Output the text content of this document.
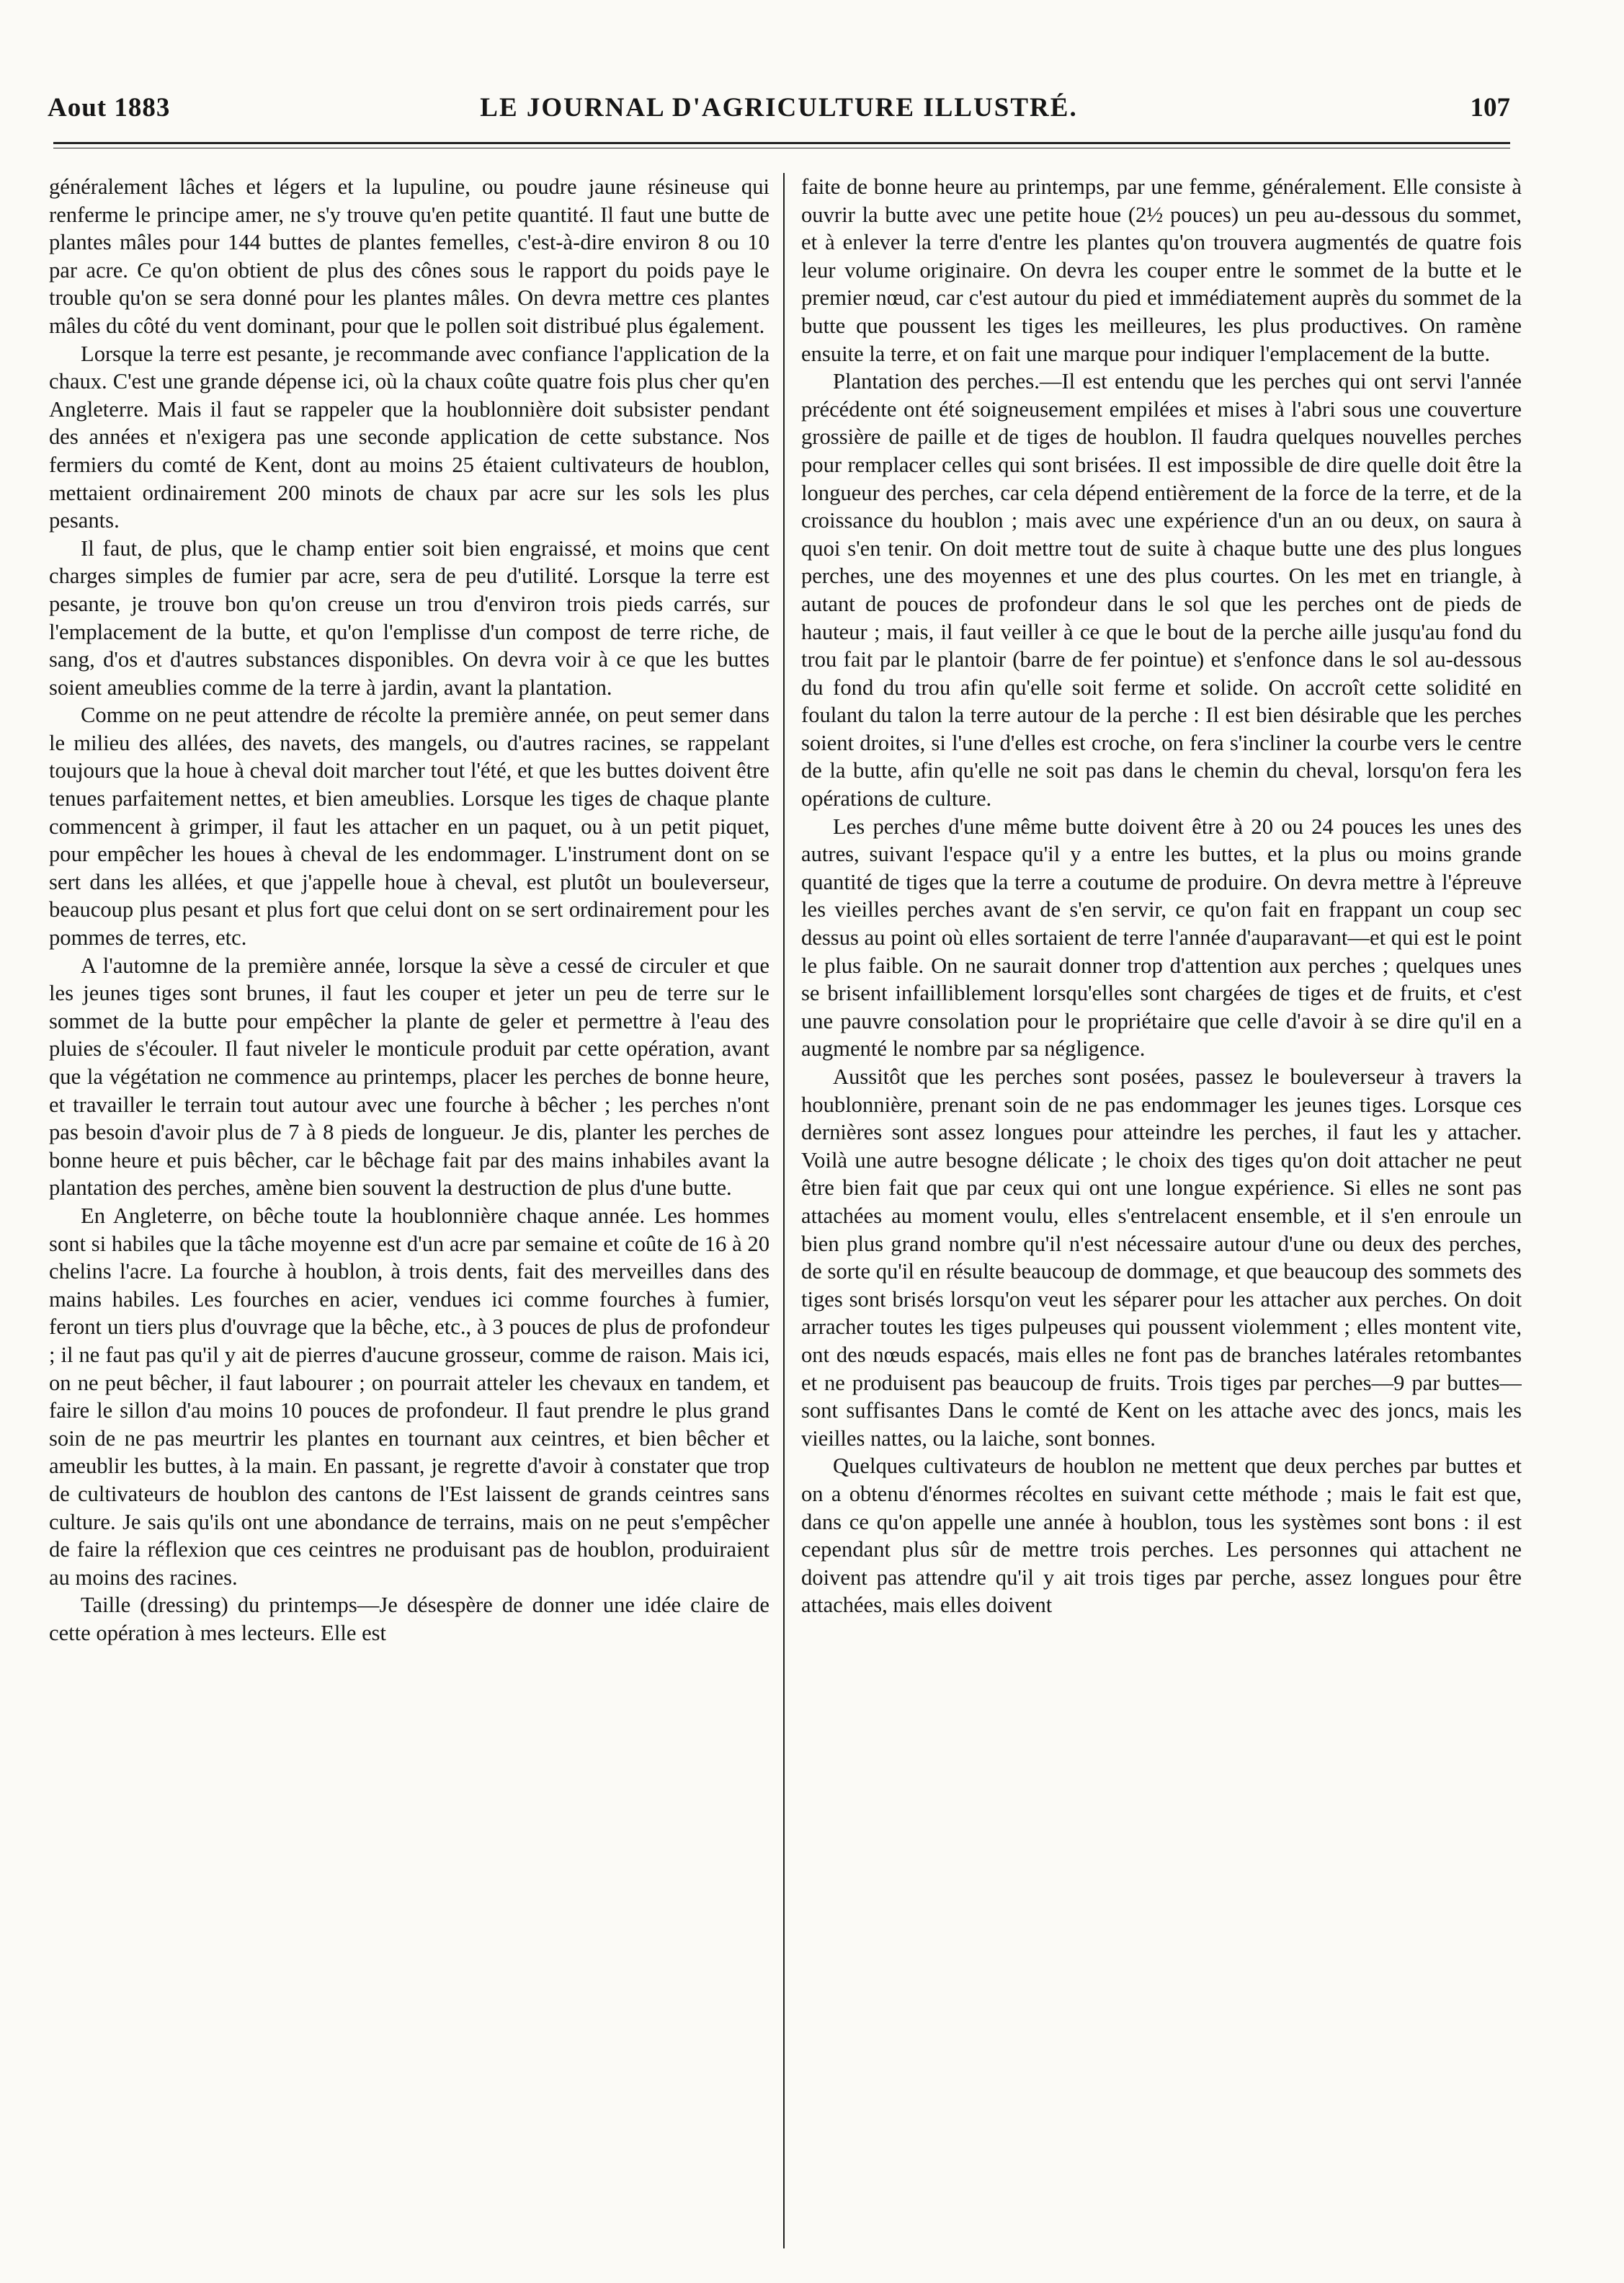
Aout 1883	LE JOURNAL D'AGRICULTURE ILLUSTRÉ.	107

généralement lâches et légers et la lupuline, ou poudre jaune résineuse qui renferme le principe amer, ne s'y trouve qu'en petite quantité. Il faut une butte de plantes mâles pour 144 buttes de plantes femelles, c'est-à-dire environ 8 ou 10 par acre. Ce qu'on obtient de plus des cônes sous le rapport du poids paye le trouble qu'on se sera donné pour les plantes mâles. On devra mettre ces plantes mâles du côté du vent dominant, pour que le pollen soit distribué plus également.

Lorsque la terre est pesante, je recommande avec confiance l'application de la chaux. C'est une grande dépense ici, où la chaux coûte quatre fois plus cher qu'en Angleterre. Mais il faut se rappeler que la houblonnière doit subsister pendant des années et n'exigera pas une seconde application de cette substance. Nos fermiers du comté de Kent, dont au moins 25 étaient cultivateurs de houblon, mettaient ordinairement 200 minots de chaux par acre sur les sols les plus pesants.

Il faut, de plus, que le champ entier soit bien engraissé, et moins que cent charges simples de fumier par acre, sera de peu d'utilité. Lorsque la terre est pesante, je trouve bon qu'on creuse un trou d'environ trois pieds carrés, sur l'emplacement de la butte, et qu'on l'emplisse d'un compost de terre riche, de sang, d'os et d'autres substances disponibles. On devra voir à ce que les buttes soient ameublies comme de la terre à jardin, avant la plantation.

Comme on ne peut attendre de récolte la première année, on peut semer dans le milieu des allées, des navets, des mangels, ou d'autres racines, se rappelant toujours que la houe à cheval doit marcher tout l'été, et que les buttes doivent être tenues parfaitement nettes, et bien ameublies. Lorsque les tiges de chaque plante commencent à grimper, il faut les attacher en un paquet, ou à un petit piquet, pour empêcher les houes à cheval de les endommager. L'instrument dont on se sert dans les allées, et que j'appelle houe à cheval, est plutôt un bouleverseur, beaucoup plus pesant et plus fort que celui dont on se sert ordinairement pour les pommes de terres, etc.

A l'automne de la première année, lorsque la sève a cessé de circuler et que les jeunes tiges sont brunes, il faut les couper et jeter un peu de terre sur le sommet de la butte pour empêcher la plante de geler et permettre à l'eau des pluies de s'écouler. Il faut niveler le monticule produit par cette opération, avant que la végétation ne commence au printemps, placer les perches de bonne heure, et travailler le terrain tout autour avec une fourche à bêcher ; les perches n'ont pas besoin d'avoir plus de 7 à 8 pieds de longueur. Je dis, planter les perches de bonne heure et puis bêcher, car le bêchage fait par des mains inhabiles avant la plantation des perches, amène bien souvent la destruction de plus d'une butte.

En Angleterre, on bêche toute la houblonnière chaque année. Les hommes sont si habiles que la tâche moyenne est d'un acre par semaine et coûte de 16 à 20 chelins l'acre. La fourche à houblon, à trois dents, fait des merveilles dans des mains habiles. Les fourches en acier, vendues ici comme fourches à fumier, feront un tiers plus d'ouvrage que la bêche, etc., à 3 pouces de plus de profondeur ; il ne faut pas qu'il y ait de pierres d'aucune grosseur, comme de raison. Mais ici, on ne peut bêcher, il faut labourer ; on pourrait atteler les chevaux en tandem, et faire le sillon d'au moins 10 pouces de profondeur. Il faut prendre le plus grand soin de ne pas meurtrir les plantes en tournant aux ceintres, et bien bêcher et ameublir les buttes, à la main. En passant, je regrette d'avoir à constater que trop de cultivateurs de houblon des cantons de l'Est laissent de grands ceintres sans culture. Je sais qu'ils ont une abondance de terrains, mais on ne peut s'empêcher de faire la réflexion que ces ceintres ne produisant pas de houblon, produiraient au moins des racines.

Taille (dressing) du printemps—Je désespère de donner une idée claire de cette opération à mes lecteurs. Elle est

faite de bonne heure au printemps, par une femme, généralement. Elle consiste à ouvrir la butte avec une petite houe (2½ pouces) un peu au-dessous du sommet, et à enlever la terre d'entre les plantes qu'on trouvera augmentés de quatre fois leur volume originaire. On devra les couper entre le sommet de la butte et le premier nœud, car c'est autour du pied et immédiatement auprès du sommet de la butte que poussent les tiges les meilleures, les plus productives. On ramène ensuite la terre, et on fait une marque pour indiquer l'emplacement de la butte.

Plantation des perches.—Il est entendu que les perches qui ont servi l'année précédente ont été soigneusement empilées et mises à l'abri sous une couverture grossière de paille et de tiges de houblon. Il faudra quelques nouvelles perches pour remplacer celles qui sont brisées. Il est impossible de dire quelle doit être la longueur des perches, car cela dépend entièrement de la force de la terre, et de la croissance du houblon ; mais avec une expérience d'un an ou deux, on saura à quoi s'en tenir. On doit mettre tout de suite à chaque butte une des plus longues perches, une des moyennes et une des plus courtes. On les met en triangle, à autant de pouces de profondeur dans le sol que les perches ont de pieds de hauteur ; mais, il faut veiller à ce que le bout de la perche aille jusqu'au fond du trou fait par le plantoir (barre de fer pointue) et s'enfonce dans le sol au-dessous du fond du trou afin qu'elle soit ferme et solide. On accroît cette solidité en foulant du talon la terre autour de la perche : Il est bien désirable que les perches soient droites, si l'une d'elles est croche, on fera s'incliner la courbe vers le centre de la butte, afin qu'elle ne soit pas dans le chemin du cheval, lorsqu'on fera les opérations de culture.

Les perches d'une même butte doivent être à 20 ou 24 pouces les unes des autres, suivant l'espace qu'il y a entre les buttes, et la plus ou moins grande quantité de tiges que la terre a coutume de produire. On devra mettre à l'épreuve les vieilles perches avant de s'en servir, ce qu'on fait en frappant un coup sec dessus au point où elles sortaient de terre l'année d'auparavant—et qui est le point le plus faible. On ne saurait donner trop d'attention aux perches ; quelques unes se brisent infailliblement lorsqu'elles sont chargées de tiges et de fruits, et c'est une pauvre consolation pour le propriétaire que celle d'avoir à se dire qu'il en a augmenté le nombre par sa négligence.

Aussitôt que les perches sont posées, passez le bouleverseur à travers la houblonnière, prenant soin de ne pas endommager les jeunes tiges. Lorsque ces dernières sont assez longues pour atteindre les perches, il faut les y attacher. Voilà une autre besogne délicate ; le choix des tiges qu'on doit attacher ne peut être bien fait que par ceux qui ont une longue expérience. Si elles ne sont pas attachées au moment voulu, elles s'entrelacent ensemble, et il s'en enroule un bien plus grand nombre qu'il n'est nécessaire autour d'une ou deux des perches, de sorte qu'il en résulte beaucoup de dommage, et que beaucoup des sommets des tiges sont brisés lorsqu'on veut les séparer pour les attacher aux perches. On doit arracher toutes les tiges pulpeuses qui poussent violemment ; elles montent vite, ont des nœuds espacés, mais elles ne font pas de branches latérales retombantes et ne produisent pas beaucoup de fruits. Trois tiges par perches—9 par buttes—sont suffisantes Dans le comté de Kent on les attache avec des joncs, mais les vieilles nattes, ou la laiche, sont bonnes.

Quelques cultivateurs de houblon ne mettent que deux perches par buttes et on a obtenu d'énormes récoltes en suivant cette méthode ; mais le fait est que, dans ce qu'on appelle une année à houblon, tous les systèmes sont bons : il est cependant plus sûr de mettre trois perches. Les personnes qui attachent ne doivent pas attendre qu'il y ait trois tiges par perche, assez longues pour être attachées, mais elles doivent
